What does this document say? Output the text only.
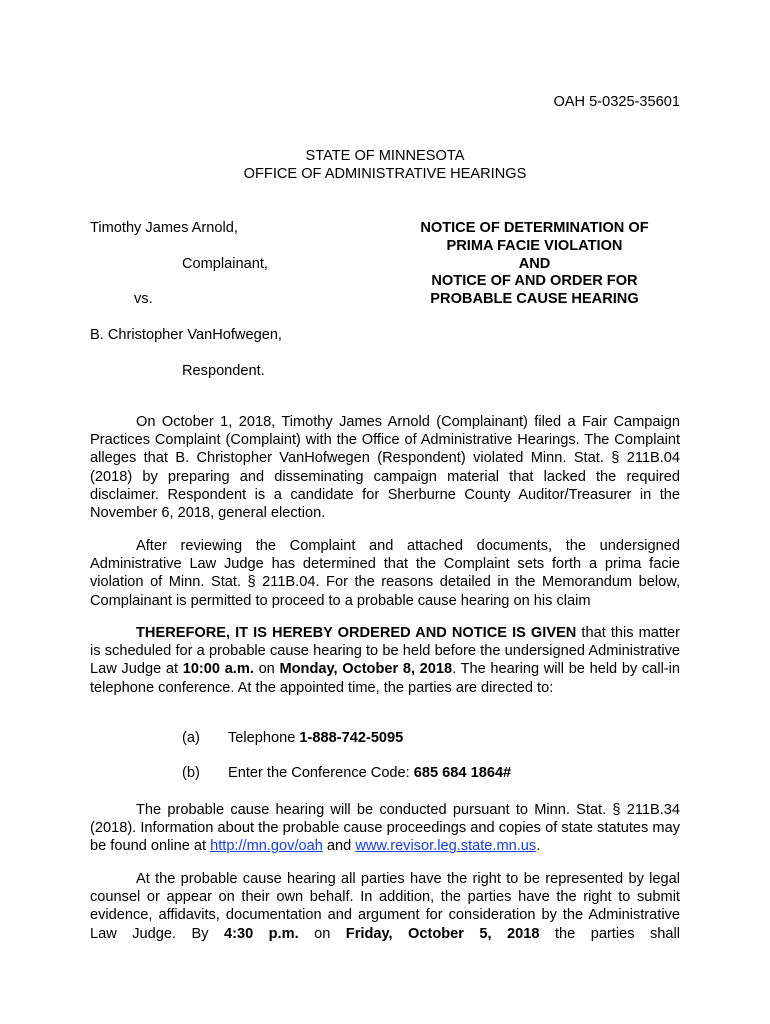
OAH 5-0325-35601
STATE OF MINNESOTA
OFFICE OF ADMINISTRATIVE HEARINGS
Timothy James Arnold,
Complainant,
vs.
B. Christopher VanHofwegen,
Respondent.
NOTICE OF DETERMINATION OF
PRIMA FACIE VIOLATION
AND
NOTICE OF AND ORDER FOR
PROBABLE CAUSE HEARING
On October 1, 2018, Timothy James Arnold (Complainant) filed a Fair Campaign Practices Complaint (Complaint) with the Office of Administrative Hearings. The Complaint alleges that B. Christopher VanHofwegen (Respondent) violated Minn. Stat. § 211B.04 (2018) by preparing and disseminating campaign material that lacked the required disclaimer. Respondent is a candidate for Sherburne County Auditor/Treasurer in the November 6, 2018, general election.
After reviewing the Complaint and attached documents, the undersigned Administrative Law Judge has determined that the Complaint sets forth a prima facie violation of Minn. Stat. § 211B.04. For the reasons detailed in the Memorandum below, Complainant is permitted to proceed to a probable cause hearing on his claim
THEREFORE, IT IS HEREBY ORDERED AND NOTICE IS GIVEN that this matter is scheduled for a probable cause hearing to be held before the undersigned Administrative Law Judge at 10:00 a.m. on Monday, October 8, 2018. The hearing will be held by call-in telephone conference. At the appointed time, the parties are directed to:
(a) Telephone 1-888-742-5095
(b) Enter the Conference Code: 685 684 1864#
The probable cause hearing will be conducted pursuant to Minn. Stat. § 211B.34 (2018). Information about the probable cause proceedings and copies of state statutes may be found online at http://mn.gov/oah and www.revisor.leg.state.mn.us.
At the probable cause hearing all parties have the right to be represented by legal counsel or appear on their own behalf. In addition, the parties have the right to submit evidence, affidavits, documentation and argument for consideration by the Administrative Law Judge. By 4:30 p.m. on Friday, October 5, 2018 the parties shall
